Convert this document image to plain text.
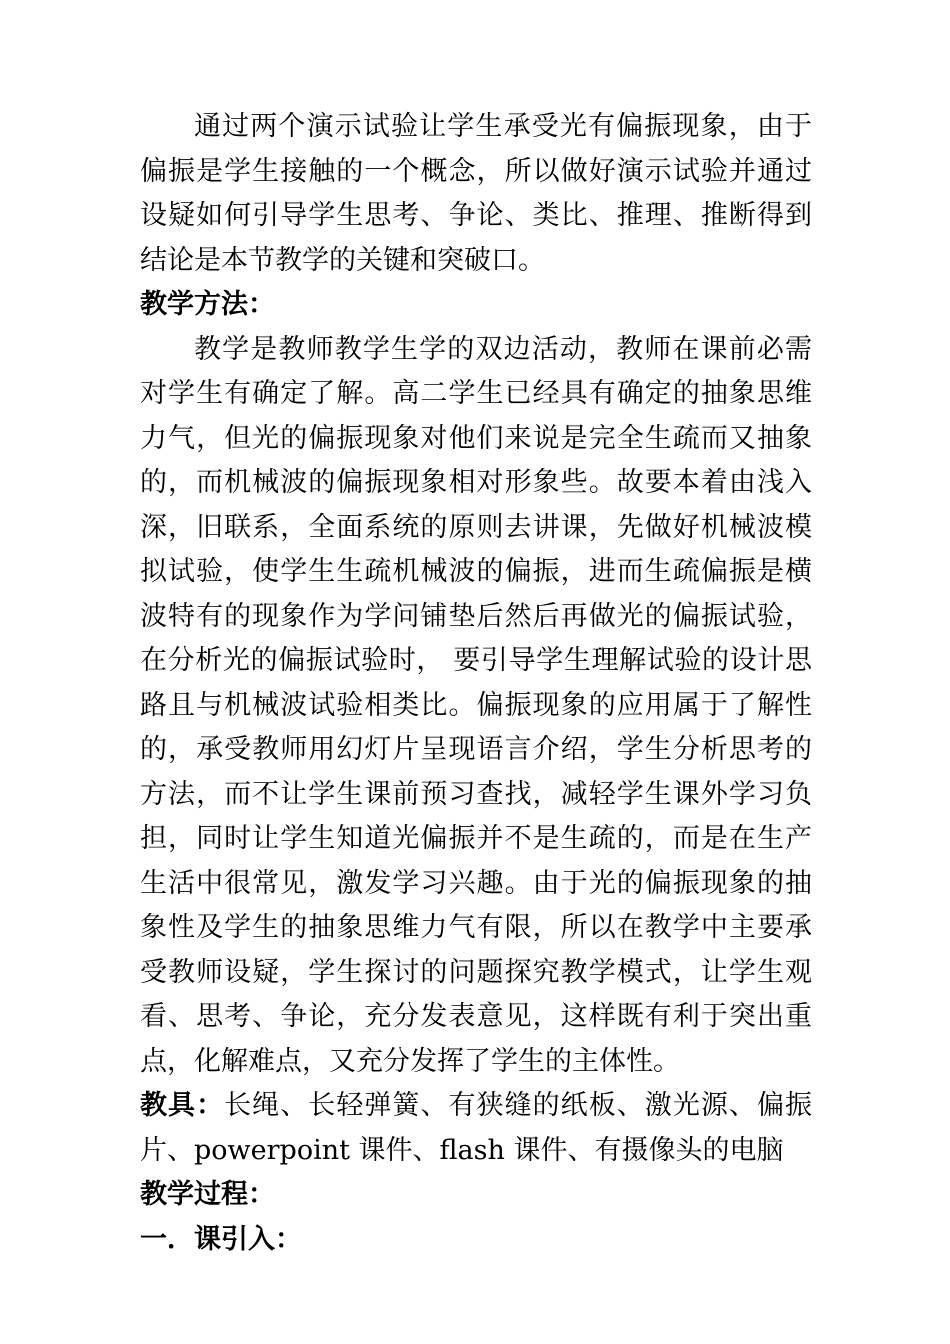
通过两个演示试验让学生承受光有偏振现象，由于偏振是学生接触的一个概念，所以做好演示试验并通过设疑如何引导学生思考、争论、类比、推理、推断得到结论是本节教学的关键和突破口。

教学方法：

教学是教师教学生学的双边活动，教师在课前必需对学生有确定了解。高二学生已经具有确定的抽象思维力气，但光的偏振现象对他们来说是完全生疏而又抽象的，而机械波的偏振现象相对形象些。故要本着由浅入深，旧联系，全面系统的原则去讲课，先做好机械波模拟试验，使学生生疏机械波的偏振，进而生疏偏振是横波特有的现象作为学问铺垫后然后再做光的偏振试验，在分析光的偏振试验时， 要引导学生理解试验的设计思路且与机械波试验相类比。偏振现象的应用属于了解性的，承受教师用幻灯片呈现语言介绍，学生分析思考的方法，而不让学生课前预习查找，减轻学生课外学习负担，同时让学生知道光偏振并不是生疏的，而是在生产生活中很常见，激发学习兴趣。由于光的偏振现象的抽象性及学生的抽象思维力气有限，所以在教学中主要承受教师设疑，学生探讨的问题探究教学模式，让学生观看、思考、争论，充分发表意见，这样既有利于突出重点，化解难点，又充分发挥了学生的主体性。

教具：长绳、长轻弹簧、有狭缝的纸板、激光源、偏振片、powerpoint 课件、flash 课件、有摄像头的电脑

教学过程：

一．课引入：
